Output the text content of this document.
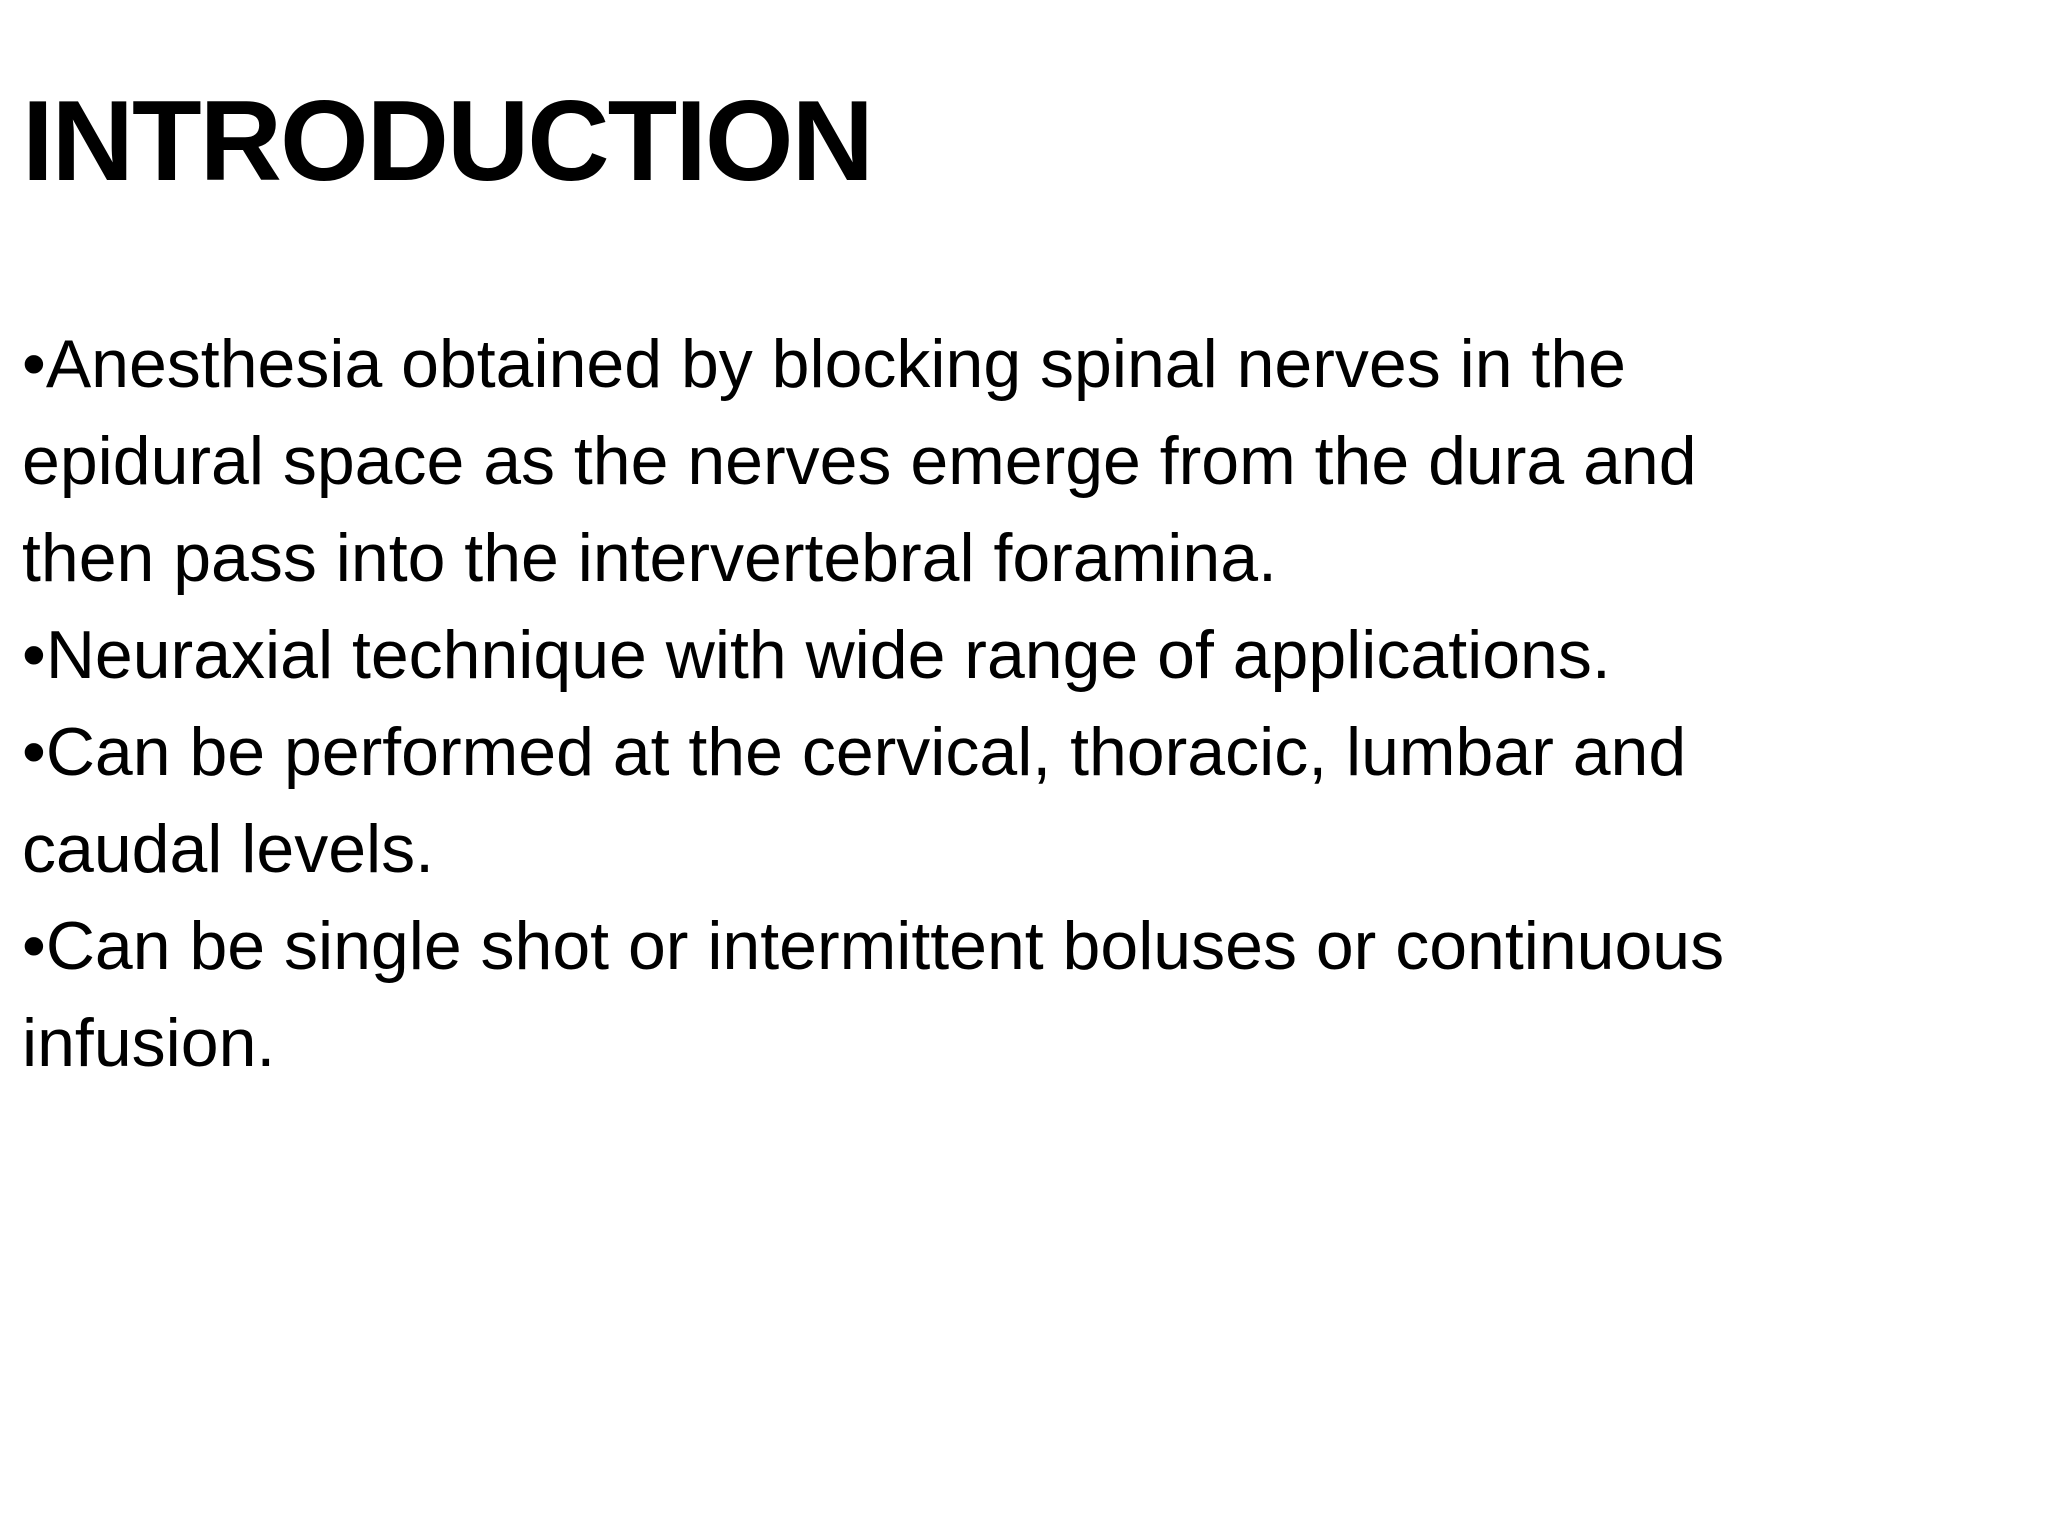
INTRODUCTION
•Anesthesia obtained by blocking spinal nerves in the
epidural space as the nerves emerge from the dura and
then pass into the intervertebral foramina.
•Neuraxial technique with wide range of applications.
•Can be performed at the cervical, thoracic, lumbar and
caudal levels.
•Can be single shot or intermittent boluses or continuous
infusion.
